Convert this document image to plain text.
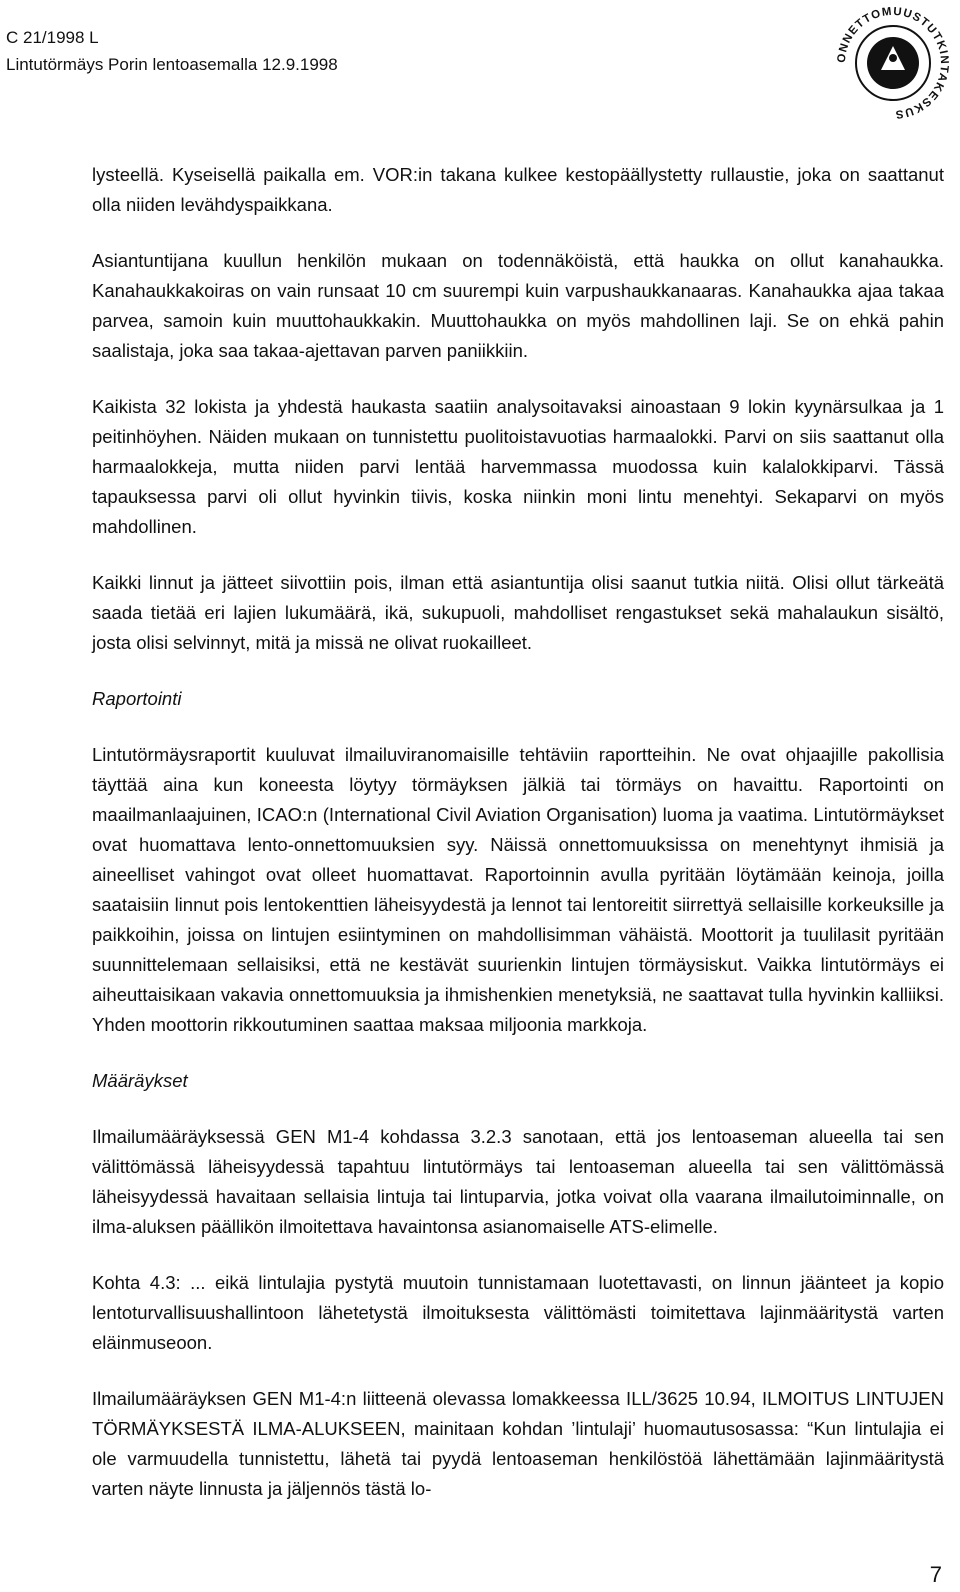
C 21/1998 L
Lintutörmäys Porin lentoasemalla 12.9.1998	ONNETTOMUUSTUTKINTAKESKUS

lysteellä. Kyseisellä paikalla em. VOR:in takana kulkee kestopäällystetty rullaustie, joka on saattanut olla niiden levähdyspaikkana.

Asiantuntijana kuullun henkilön mukaan on todennäköistä, että haukka on ollut kanahaukka. Kanahaukkakoiras on vain runsaat 10 cm suurempi kuin varpushaukkanaaras. Kanahaukka ajaa takaa parvea, samoin kuin muuttohaukkakin. Muuttohaukka on myös mahdollinen laji. Se on ehkä pahin saalistaja, joka saa takaa-ajettavan parven paniikkiin.

Kaikista 32 lokista ja yhdestä haukasta saatiin analysoitavaksi ainoastaan 9 lokin kyynärsulkaa ja 1 peitinhöyhen. Näiden mukaan on tunnistettu puolitoistavuotias harmaalokki. Parvi on siis saattanut olla harmaalokkeja, mutta niiden parvi lentää harvemmassa muodossa kuin kalalokkiparvi. Tässä tapauksessa parvi oli ollut hyvinkin tiivis, koska niinkin moni lintu menehtyi. Sekaparvi on myös mahdollinen.

Kaikki linnut ja jätteet siivottiin pois, ilman että asiantuntija olisi saanut tutkia niitä. Olisi ollut tärkeätä saada tietää eri lajien lukumäärä, ikä, sukupuoli, mahdolliset rengastukset sekä mahalaukun sisältö, josta olisi selvinnyt, mitä ja missä ne olivat ruokailleet.

Raportointi

Lintutörmäysraportit kuuluvat ilmailuviranomaisille tehtäviin raportteihin. Ne ovat ohjaajille pakollisia täyttää aina kun koneesta löytyy törmäyksen jälkiä tai törmäys on havaittu. Raportointi on maailmanlaajuinen, ICAO:n (International Civil Aviation Organisation) luoma ja vaatima. Lintutörmäykset ovat huomattava lento-onnettomuuksien syy. Näissä onnettomuuksissa on menehtynyt ihmisiä ja aineelliset vahingot ovat olleet huomattavat. Raportoinnin avulla pyritään löytämään keinoja, joilla saataisiin linnut pois lentokenttien läheisyydestä ja lennot tai lentoreitit siirrettyä sellaisille korkeuksille ja paikkoihin, joissa on lintujen esiintyminen on mahdollisimman vähäistä. Moottorit ja tuulilasit pyritään suunnittelemaan sellaisiksi, että ne kestävät suurienkin lintujen törmäysiskut. Vaikka lintutörmäys ei aiheuttaisikaan vakavia onnettomuuksia ja ihmishenkien menetyksiä, ne saattavat tulla hyvinkin kalliiksi. Yhden moottorin rikkoutuminen saattaa maksaa miljoonia markkoja.

Määräykset

Ilmailumääräyksessä GEN M1-4 kohdassa 3.2.3 sanotaan, että jos lentoaseman alueella tai sen välittömässä läheisyydessä tapahtuu lintutörmäys tai lentoaseman alueella tai sen välittömässä läheisyydessä havaitaan sellaisia lintuja tai lintuparvia, jotka voivat olla vaarana ilmailutoiminnalle, on ilma-aluksen päällikön ilmoitettava havaintonsa asianomaiselle ATS-elimelle.

Kohta 4.3: ... eikä lintulajia pystytä muutoin tunnistamaan luotettavasti, on linnun jäänteet ja kopio lentoturvallisuushallintoon lähetetystä ilmoituksesta välittömästi toimitettava lajinmääritystä varten eläinmuseoon.

Ilmailumääräyksen GEN M1-4:n liitteenä olevassa lomakkeessa ILL/3625 10.94, ILMOITUS LINTUJEN TÖRMÄYKSESTÄ ILMA-ALUKSEEN, mainitaan kohdan ’lintulaji’ huomautusosassa: “Kun lintulajia ei ole varmuudella tunnistettu, lähetä tai pyydä lentoaseman henkilöstöä lähettämään lajinmääritystä varten näyte linnusta ja jäljennös tästä lo-

7
